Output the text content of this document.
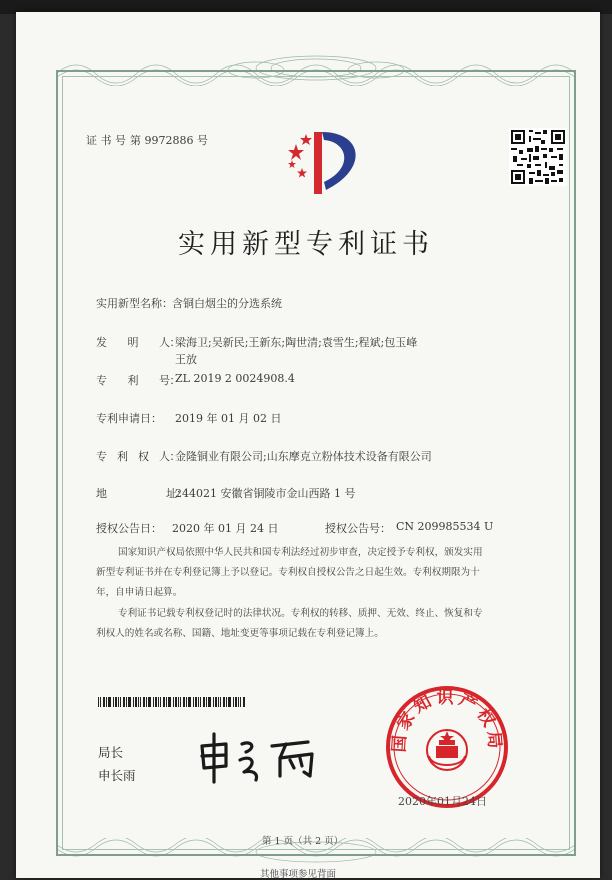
证 书 号 第 9972886 号
实用新型专利证书
实用新型名称： 含铜白烟尘的分选系统
发　　明　　人：
梁海卫;吴新民;王新东;陶世清;袁雪生;程斌;包玉峰
王放
专　　利　　号：
ZL 2019 2 0024908.4
专利申请日： 2019 年 01 月 02 日
专　利　权　人：
金隆铜业有限公司;山东摩克立粉体技术设备有限公司
地　　　　　　址：
244021 安徽省铜陵市金山西路 1 号
授权公告日： 2020 年 01 月 24 日	授权公告号： CN 209985534 U
国家知识产权局依照中华人民共和国专利法经过初步审查，决定授予专利权，颁发实用
新型专利证书并在专利登记簿上予以登记。专利权自授权公告之日起生效。专利权期限为十
年，自申请日起算。
专利证书记载专利权登记时的法律状况。专利权的转移、质押、无效、终止、恢复和专
利权人的姓名或名称、国籍、地址变更等事项记载在专利登记簿上。
局长
申长雨
国家知识产权局
2020年01月24日
第 1 页（共 2 页）
其他事项参见背面
